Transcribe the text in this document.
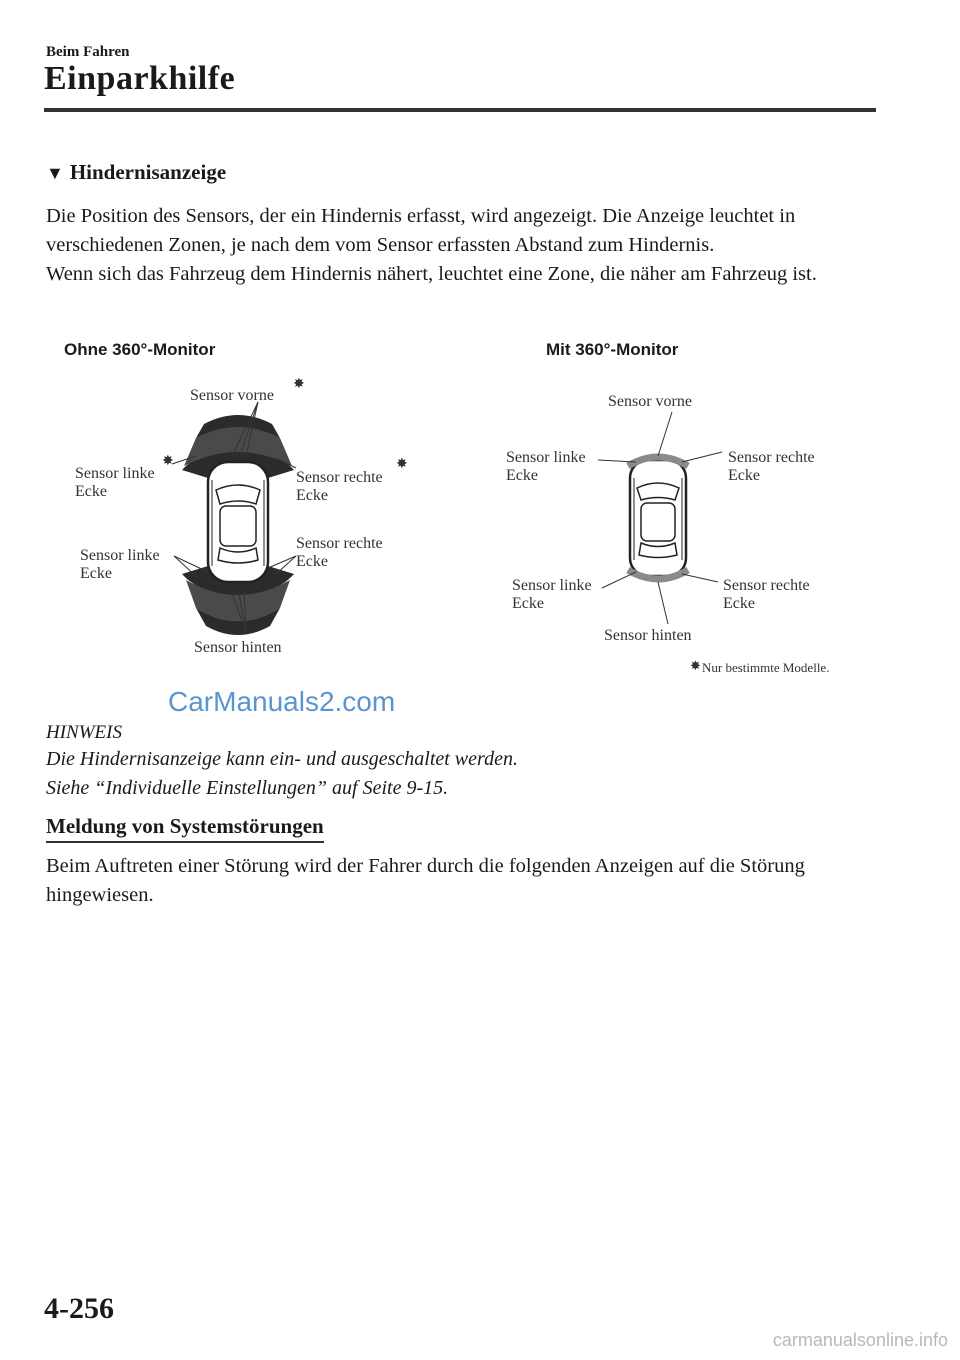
Beim Fahren
Einparkhilfe
▼ Hindernisanzeige
Die Position des Sensors, der ein Hindernis erfasst, wird angezeigt. Die Anzeige leuchtet in verschiedenen Zonen, je nach dem vom Sensor erfassten Abstand zum Hindernis.
Wenn sich das Fahrzeug dem Hindernis nähert, leuchtet eine Zone, die näher am Fahrzeug ist.
Ohne 360°-Monitor	Mit 360°-Monitor
✸
✸	✸
Sensor vorne
Sensor linke
Ecke
Sensor rechte
Ecke
Sensor linke
Ecke
Sensor rechte
Ecke
Sensor hinten
Sensor vorne
Sensor linke
Ecke
Sensor rechte
Ecke
Sensor linke
Ecke
Sensor rechte
Ecke
Sensor hinten
✸ Nur bestimmte Modelle.
CarManuals2.com
HINWEIS
Die Hindernisanzeige kann ein- und ausgeschaltet werden.
Siehe “Individuelle Einstellungen” auf Seite 9-15.
Meldung von Systemstörungen
Beim Auftreten einer Störung wird der Fahrer durch die folgenden Anzeigen auf die Störung hingewiesen.
4-256
carmanualsonline.info
